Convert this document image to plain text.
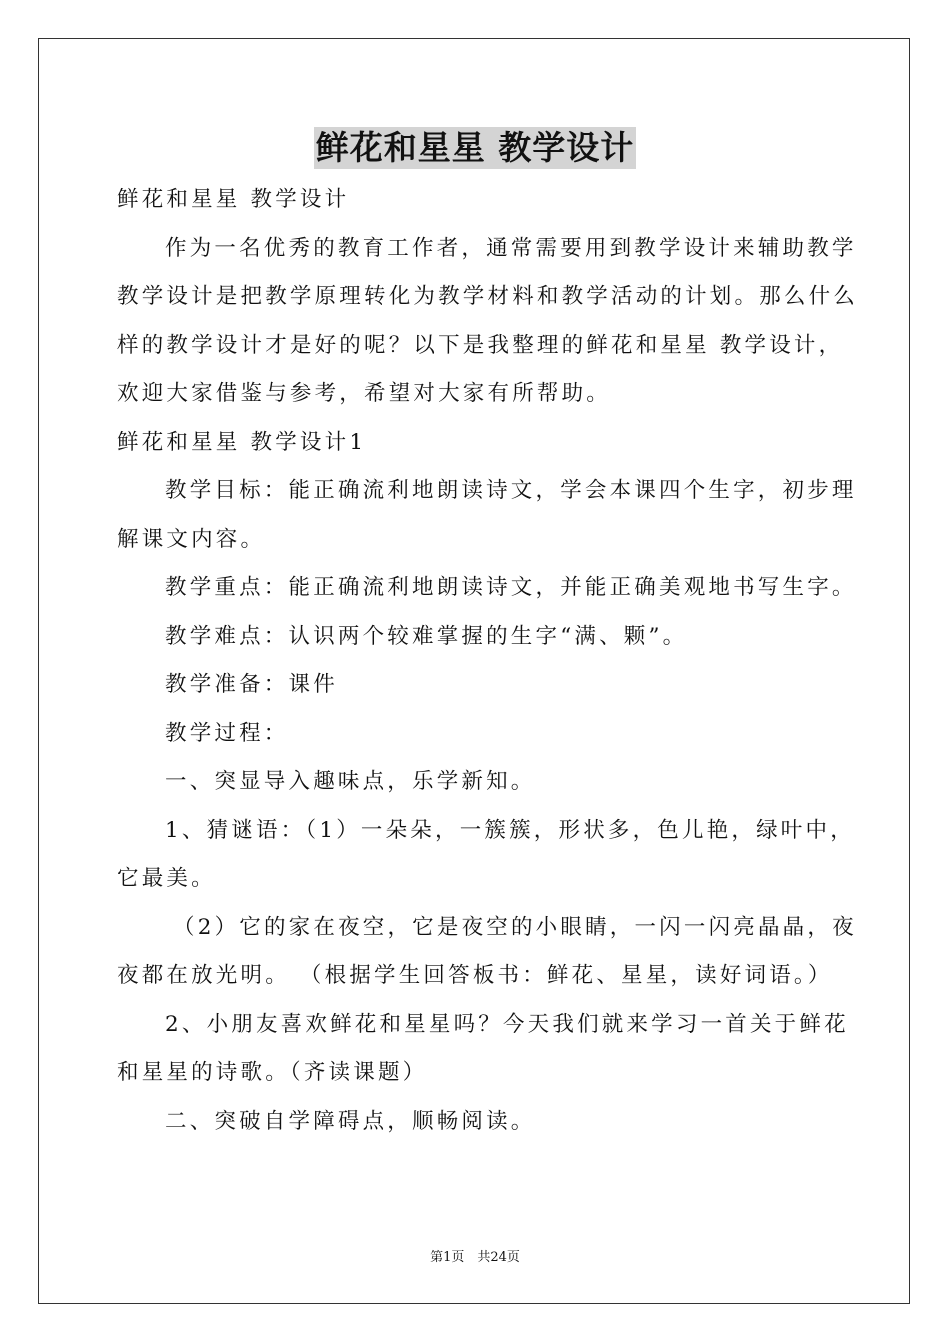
鲜花和星星 教学设计
鲜花和星星 教学设计
作为一名优秀的教育工作者，通常需要用到教学设计来辅助教学
教学设计是把教学原理转化为教学材料和教学活动的计划。那么什么
样的教学设计才是好的呢？以下是我整理的鲜花和星星 教学设计，
欢迎大家借鉴与参考，希望对大家有所帮助。
鲜花和星星 教学设计1
教学目标：能正确流利地朗读诗文，学会本课四个生字，初步理
解课文内容。
教学重点：能正确流利地朗读诗文，并能正确美观地书写生字。
教学难点：认识两个较难掌握的生字“满、颗”。
教学准备：课件
教学过程：
一、突显导入趣味点，乐学新知。
1、猜谜语：（1）一朵朵，一簇簇，形状多，色儿艳，绿叶中，
它最美。
（2）它的家在夜空，它是夜空的小眼睛，一闪一闪亮晶晶，夜
夜都在放光明。 （根据学生回答板书：鲜花、星星，读好词语。）
2、小朋友喜欢鲜花和星星吗？今天我们就来学习一首关于鲜花
和星星的诗歌。（齐读课题）
二、突破自学障碍点，顺畅阅读。
第1页　共24页
